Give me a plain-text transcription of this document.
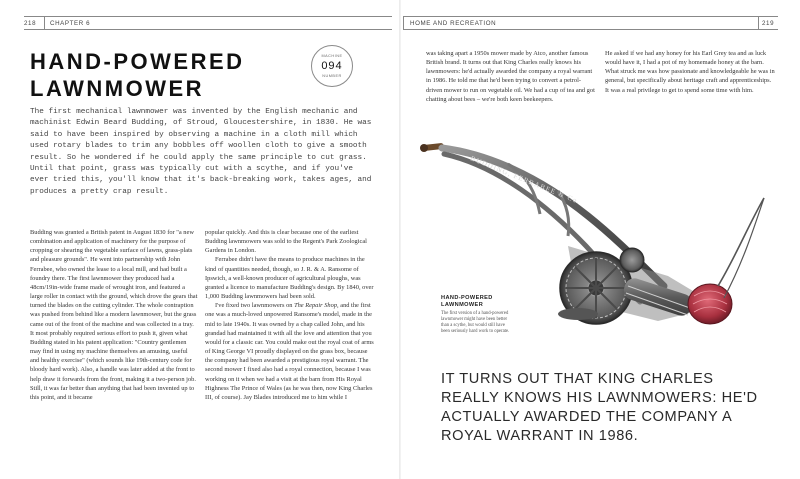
218	CHAPTER 6	HOME AND RECREATION	219
HAND-POWERED
LAWNMOWER
MACHINE
094
NUMBER

The first mechanical lawnmower was invented by the English mechanic and machinist Edwin Beard Budding, of Stroud, Gloucestershire, in 1830. He was said to have been inspired by observing a machine in a cloth mill which used rotary blades to trim any bobbles off woollen cloth to give a smooth result. So he wondered if he could apply the same principle to cut grass. Until that point, grass was typically cut with a scythe, and if you've ever tried this, you'll know that it's back-breaking work, takes ages, and produces a pretty crap result.

Budding was granted a British patent in August 1830 for "a new combination and application of machinery for the purpose of cropping or shearing the vegetable surface of lawns, grass-plats and pleasure grounds". He went into partnership with John Ferrabee, who owned the lease to a local mill, and had built a foundry there. The first lawnmower they produced had a 48cm/19in-wide frame made of wrought iron, and featured a large roller in contact with the ground, which drove the gears that turned the blades on the cutting cylinder. The whole contraption was pushed from behind like a modern lawnmower, but the grass came out of the front of the machine and was collected in a tray. It most probably required serious effort to push it, given what Budding stated in his patent application: "Country gentlemen may find in using my machine themselves an amusing, useful and healthy exercise" (which sounds like 19th-century code for bloody hard work). Also, a handle was later added at the front to help draw it forwards from the front, making it a two-person job. Still, it was far better than anything that had been invented up to this point, and it became

popular quickly. And this is clear because one of the earliest Budding lawnmowers was sold to the Regent's Park Zoological Gardens in London.

Ferrabee didn't have the means to produce machines in the kind of quantities needed, though, so J. R. & A. Ransome of Ipswich, a well-known producer of agricultural ploughs, was granted a licence to manufacture Budding's design. By 1840, over 1,000 Budding lawnmowers had been sold.

I've fixed two lawnmowers on The Repair Shop, and the first one was a much-loved unpowered Ransome's model, made in the mid to late 1940s. It was owned by a chap called John, and his grandad had maintained it with all the love and attention that you would for a classic car. You could make out the royal coat of arms of King George VI proudly displayed on the grass box, because the company had been awarded a prestigious royal warrant. The second mower I fixed also had a royal connection, because I was working on it when we had a visit at the barn from His Royal Highness The Prince of Wales (as he was then, now King Charles III, of course). Jay Blades introduced me to him while I

was taking apart a 1950s mower made by Atco, another famous British brand. It turns out that King Charles really knows his lawnmowers: he'd actually awarded the company a royal warrant in 1986. He told me that he'd been trying to convert a petrol-driven mower to run on vegetable oil. We had a cup of tea and got chatting about bees – we're both keen beekeepers.

He asked if we had any honey for his Earl Grey tea and as luck would have it, I had a pot of my homemade honey at the barn. What struck me was how passionate and knowledgeable he was in general, but specifically about heritage craft and apprenticeships. It was a real privilege to get to spend some time with him.

BUDDING, FERRABEE & Co.

HAND-POWERED
LAWNMOWER

The first version of a hand-powered lawnmower might have been better than a scythe, but would still have been seriously hard work to operate.

IT TURNS OUT THAT KING CHARLES
REALLY KNOWS HIS LAWNMOWERS: HE'D
ACTUALLY AWARDED THE COMPANY A
ROYAL WARRANT IN 1986.
